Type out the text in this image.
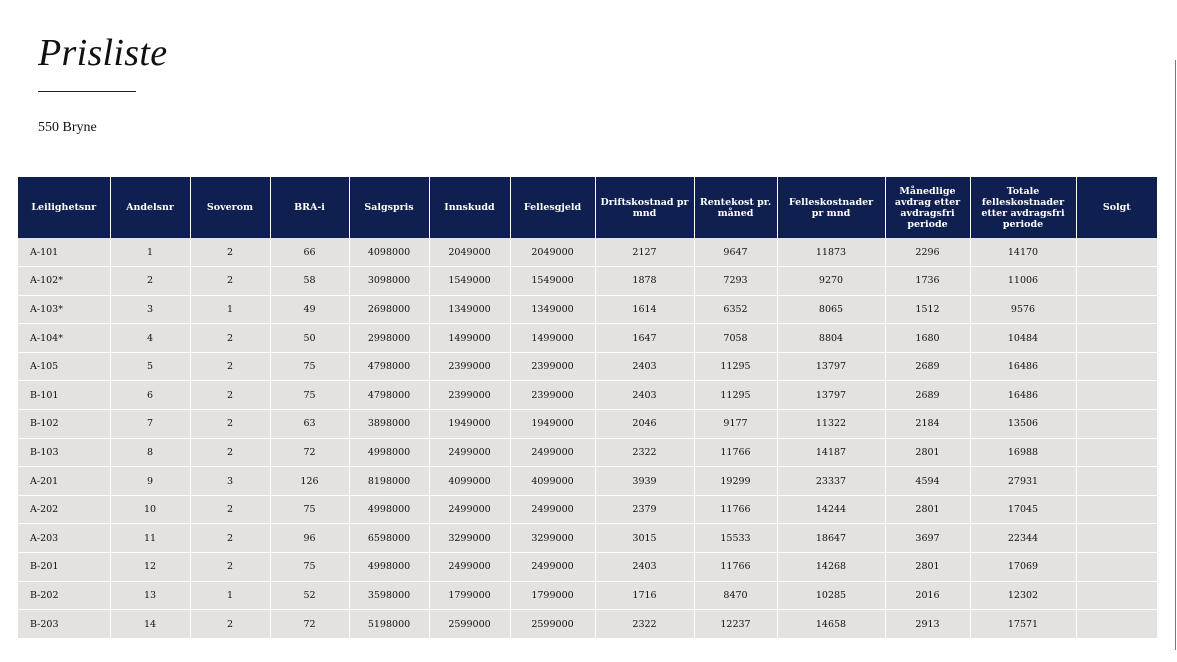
Prisliste
550 Bryne
Leilighetsnr	Andelsnr	Soverom	BRA-i	Salgspris	Innskudd	Fellesgjeld	Driftskostnad pr mnd	Rentekost pr. måned	Felleskostnader pr mnd	Månedlige avdrag etter avdragsfri periode	Totale felleskostnader etter avdragsfri periode	Solgt
A-101	1	2	66	4098000	2049000	2049000	2127	9647	11873	2296	14170	
A-102*	2	2	58	3098000	1549000	1549000	1878	7293	9270	1736	11006	
A-103*	3	1	49	2698000	1349000	1349000	1614	6352	8065	1512	9576	
A-104*	4	2	50	2998000	1499000	1499000	1647	7058	8804	1680	10484	
A-105	5	2	75	4798000	2399000	2399000	2403	11295	13797	2689	16486	
B-101	6	2	75	4798000	2399000	2399000	2403	11295	13797	2689	16486	
B-102	7	2	63	3898000	1949000	1949000	2046	9177	11322	2184	13506	
B-103	8	2	72	4998000	2499000	2499000	2322	11766	14187	2801	16988	
A-201	9	3	126	8198000	4099000	4099000	3939	19299	23337	4594	27931	
A-202	10	2	75	4998000	2499000	2499000	2379	11766	14244	2801	17045	
A-203	11	2	96	6598000	3299000	3299000	3015	15533	18647	3697	22344	
B-201	12	2	75	4998000	2499000	2499000	2403	11766	14268	2801	17069	
B-202	13	1	52	3598000	1799000	1799000	1716	8470	10285	2016	12302	
B-203	14	2	72	5198000	2599000	2599000	2322	12237	14658	2913	17571	
